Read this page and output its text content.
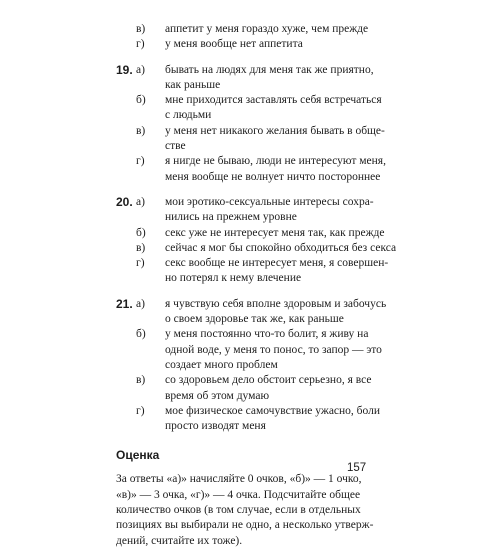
в)	аппетит у меня гораздо хуже, чем прежде
г)	у меня вообще нет аппетита
19. а)	бывать на людях для меня так же приятно,
как раньше
б)	мне приходится заставлять себя встречаться
с людьми
в)	у меня нет никакого желания бывать в обще-
стве
г)	я нигде не бываю, люди не интересуют меня,
меня вообще не волнует ничто постороннее
20. а)	мои эротико-сексуальные интересы сохра-
нились на прежнем уровне
б)	секс уже не интересует меня так, как прежде
в)	сейчас я мог бы спокойно обходиться без секса
г)	секс вообще не интересует меня, я совершен-
но потерял к нему влечение
21. а)	я чувствую себя вполне здоровым и забочусь
о своем здоровье так же, как раньше
б)	у меня постоянно что-то болит, я живу на
одной воде, у меня то понос, то запор — это
создает много проблем
в)	со здоровьем дело обстоит серьезно, я все
время об этом думаю
г)	мое физическое самочувствие ужасно, боли
просто изводят меня
Оценка
За ответы «а)» начисляйте 0 очков, «б)» — 1 очко,
«в)» — 3 очка, «г)» — 4 очка. Подсчитайте общее
количество очков (в том случае, если в отдельных
позициях вы выбирали не одно, а несколько утверж-
дений, считайте их тоже).
157
